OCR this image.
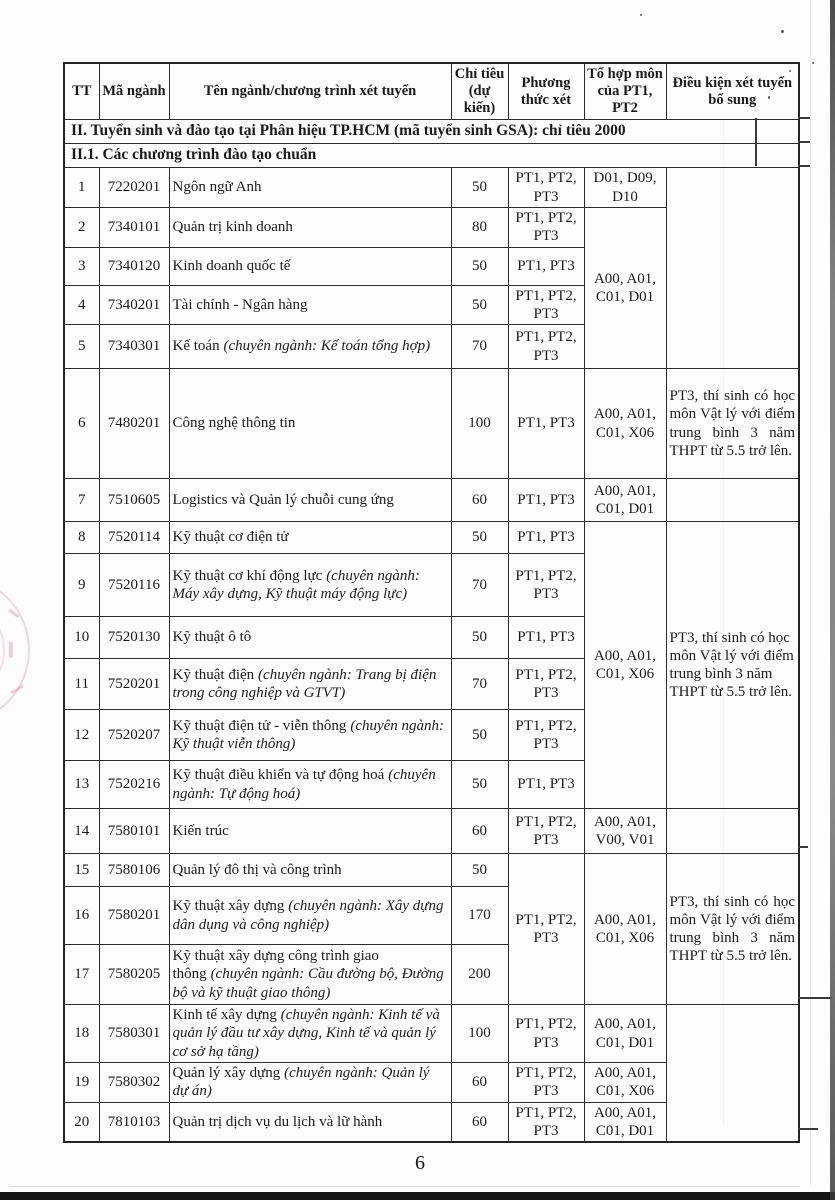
TT	Mã ngành	Tên ngành/chương trình xét tuyển	Chỉ tiêu (dự kiến)	Phương thức xét	Tổ hợp môn của PT1, PT2	Điều kiện xét tuyển bổ sung
II. Tuyển sinh và đào tạo tại Phân hiệu TP.HCM (mã tuyển sinh GSA): chỉ tiêu 2000						
II.1. Các chương trình đào tạo chuẩn						
1	7220201	Ngôn ngữ Anh	50	PT1, PT2, PT3	D01, D09, D10	
2	7340101	Quản trị kinh doanh	80	PT1, PT2, PT3	A00, A01, C01, D01	
3	7340120	Kinh doanh quốc tế	50	PT1, PT3		
4	7340201	Tài chính - Ngân hàng	50	PT1, PT2, PT3		
5	7340301	Kế toán (chuyên ngành: Kế toán tổng hợp)	70	PT1, PT2, PT3		
6	7480201	Công nghệ thông tin	100	PT1, PT3	A00, A01, C01, X06	PT3, thí sinh có học môn Vật lý với điểm trung bình 3 năm THPT từ 5.5 trở lên.
7	7510605	Logistics và Quản lý chuỗi cung ứng	60	PT1, PT3	A00, A01, C01, D01	
8	7520114	Kỹ thuật cơ điện tử	50	PT1, PT3	A00, A01, C01, X06	PT3, thí sinh có học môn Vật lý với điểm trung bình 3 năm THPT từ 5.5 trở lên.
9	7520116	Kỹ thuật cơ khí động lực (chuyên ngành: Máy xây dựng, Kỹ thuật máy động lực)	70	PT1, PT2, PT3		
10	7520130	Kỹ thuật ô tô	50	PT1, PT3		
11	7520201	Kỹ thuật điện (chuyên ngành: Trang bị điện trong công nghiệp và GTVT)	70	PT1, PT2, PT3		
12	7520207	Kỹ thuật điện tử - viễn thông (chuyên ngành: Kỹ thuật viễn thông)	50	PT1, PT2, PT3		
13	7520216	Kỹ thuật điều khiển và tự động hoá (chuyên ngành: Tự động hoá)	50	PT1, PT3		
14	7580101	Kiến trúc	60	PT1, PT2, PT3	A00, A01, V00, V01	
15	7580106	Quản lý đô thị và công trình	50	PT1, PT2, PT3	A00, A01, C01, X06	PT3, thí sinh có học môn Vật lý với điểm trung bình 3 năm THPT từ 5.5 trở lên.
16	7580201	Kỹ thuật xây dựng (chuyên ngành: Xây dựng dân dụng và công nghiệp)	170			
17	7580205	Kỹ thuật xây dựng công trình giao thông (chuyên ngành: Cầu đường bộ, Đường bộ và kỹ thuật giao thông)	200			
18	7580301	Kinh tế xây dựng (chuyên ngành: Kinh tế và quản lý đầu tư xây dựng, Kinh tế và quản lý cơ sở hạ tầng)	100	PT1, PT2, PT3	A00, A01, C01, D01	
19	7580302	Quản lý xây dựng (chuyên ngành: Quản lý dự án)	60	PT1, PT2, PT3	A00, A01, C01, X06	
20	7810103	Quản trị dịch vụ du lịch và lữ hành	60	PT1, PT2, PT3	A00, A01, C01, D01	
6
